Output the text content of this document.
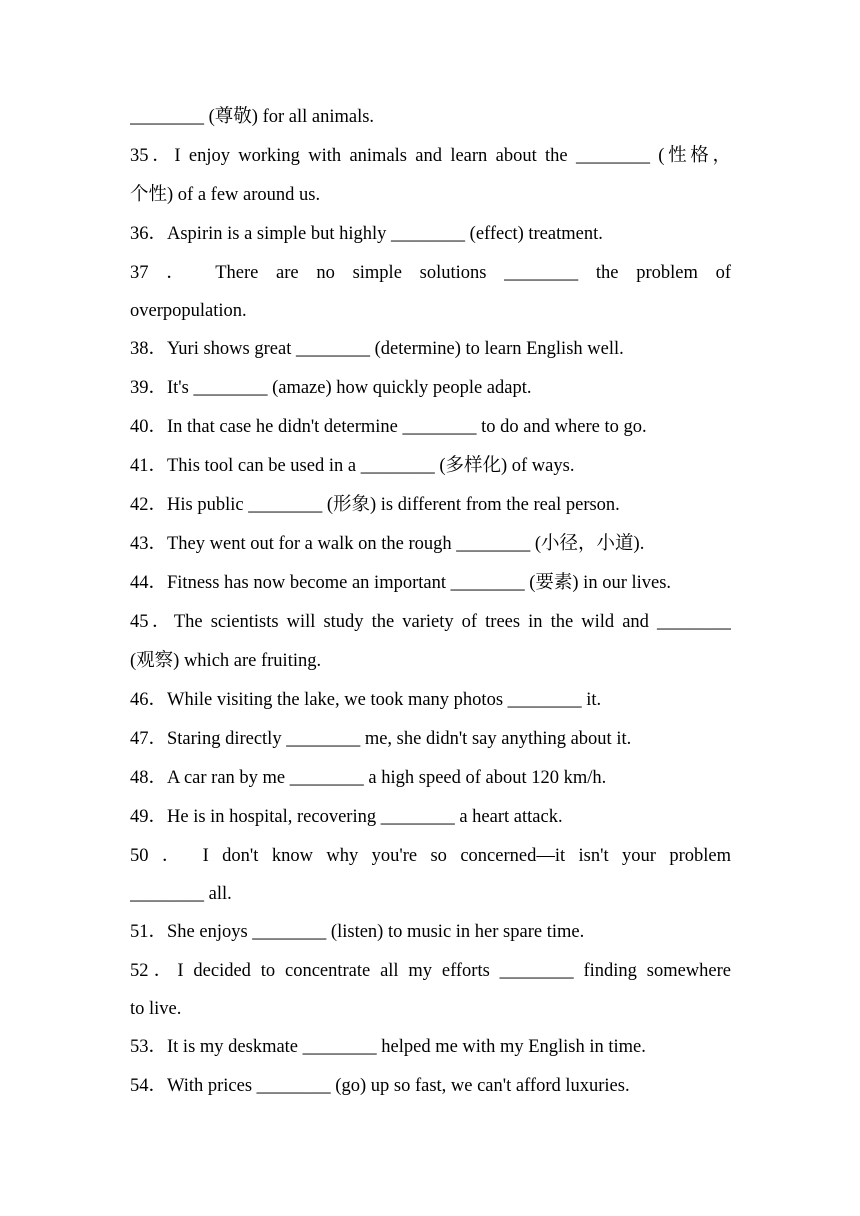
________ (尊敬) for all animals.
35．I enjoy working with animals and learn about the ________ (性格，
个性) of a few around us.
36．Aspirin is a simple but highly ________ (effect) treatment.
37 ． There are no simple solutions ________ the problem of
overpopulation.
38．Yuri shows great ________ (determine) to learn English well.
39．It's ________ (amaze) how quickly people adapt.
40．In that case he didn't determine ________ to do and where to go.
41．This tool can be used in a ________ (多样化) of ways.
42．His public ________ (形象) is different from the real person.
43．They went out for a walk on the rough ________ (小径，小道).
44．Fitness has now become an important ________ (要素) in our lives.
45．The scientists will study the variety of trees in the wild and ________
(观察) which are fruiting.
46．While visiting the lake, we took many photos ________ it.
47．Staring directly ________ me, she didn't say anything about it.
48．A car ran by me ________ a high speed of about 120 km/h.
49．He is in hospital, recovering ________ a heart attack.
50 ． I don't know why you're so concerned—it isn't your problem
________ all.
51．She enjoys ________ (listen) to music in her spare time.
52．I decided to concentrate all my efforts ________ finding somewhere
to live.
53．It is my deskmate ________ helped me with my English in time.
54．With prices ________ (go) up so fast, we can't afford luxuries.
